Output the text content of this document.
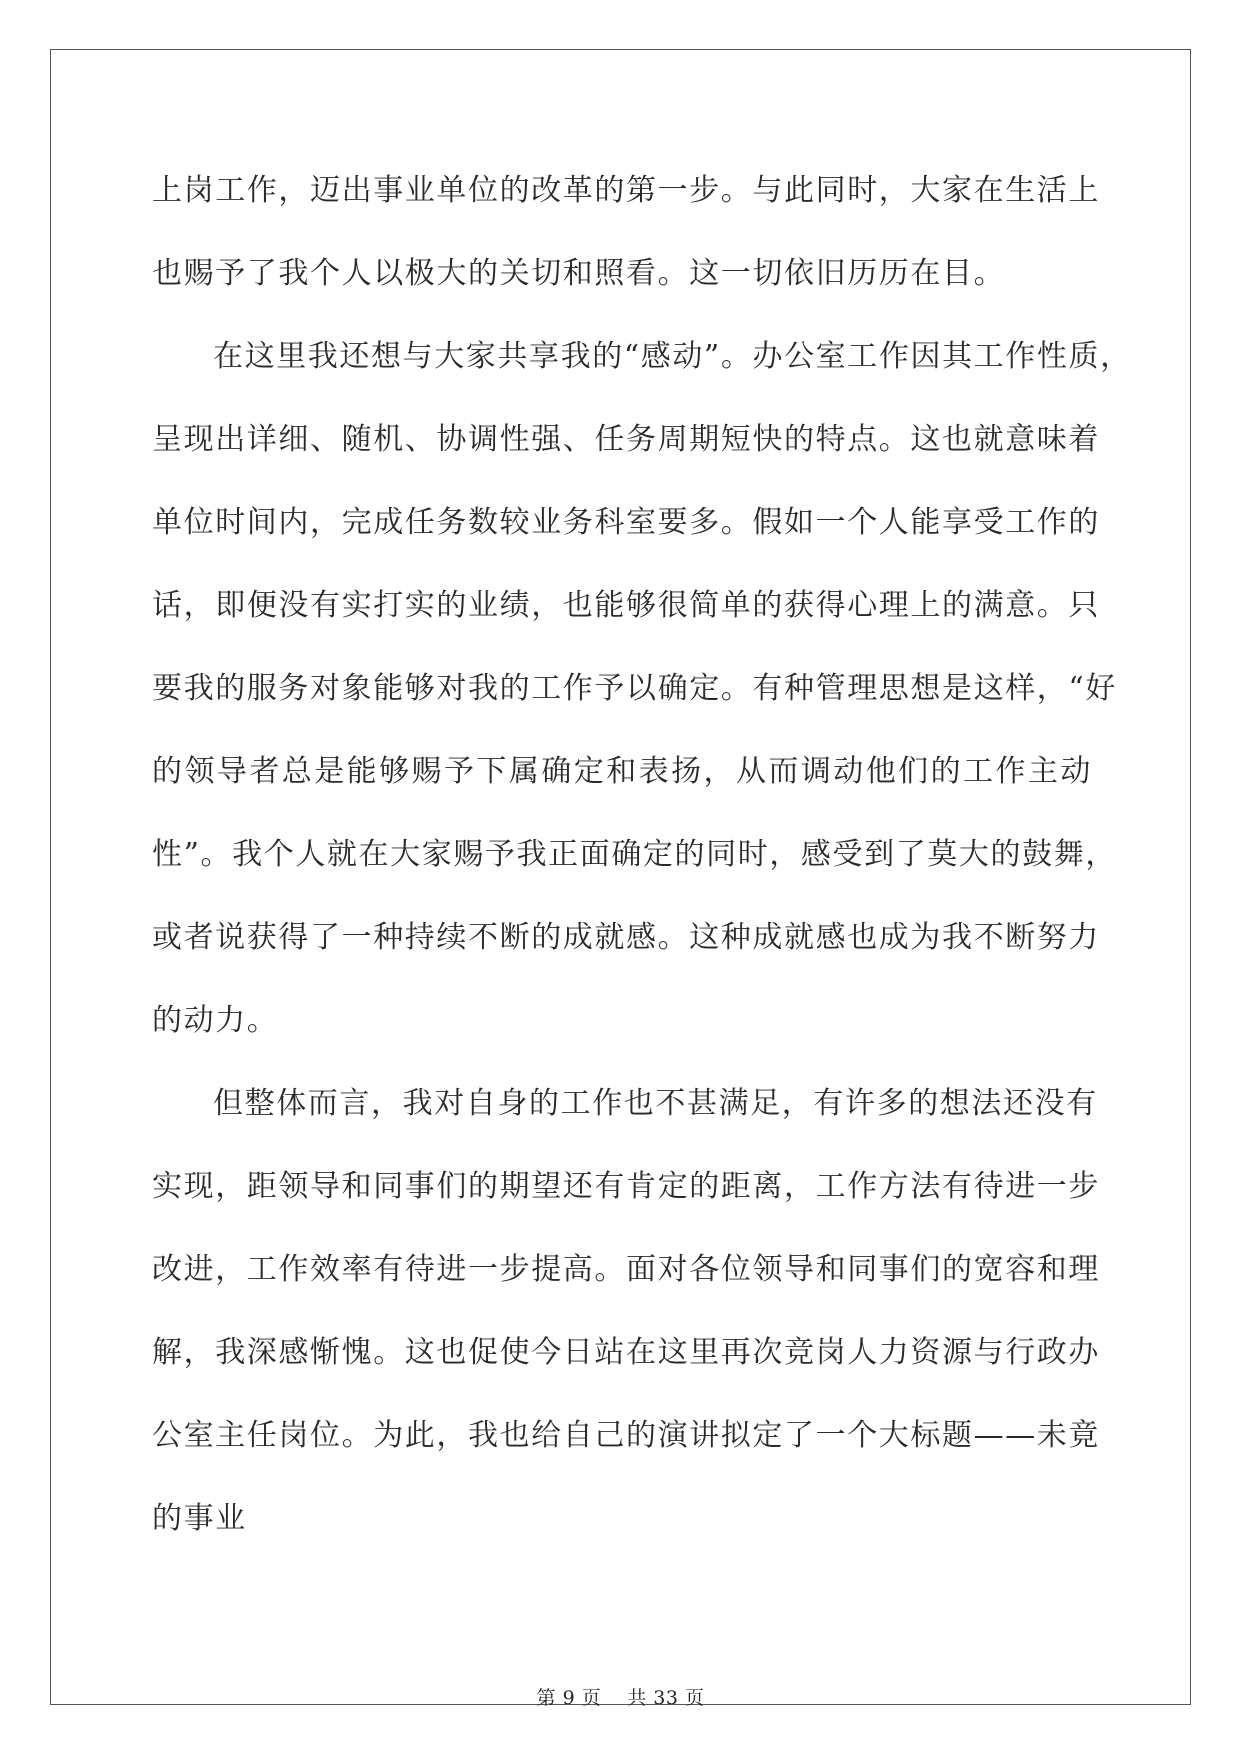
上岗工作，迈出事业单位的改革的第一步。与此同时，大家在生活上
也赐予了我个人以极大的关切和照看。这一切依旧历历在目。
在这里我还想与大家共享我的“感动”。办公室工作因其工作性质，
呈现出详细、随机、协调性强、任务周期短快的特点。这也就意味着
单位时间内，完成任务数较业务科室要多。假如一个人能享受工作的
话，即便没有实打实的业绩，也能够很简单的获得心理上的满意。只
要我的服务对象能够对我的工作予以确定。有种管理思想是这样，“好
的领导者总是能够赐予下属确定和表扬，从而调动他们的工作主动
性”。我个人就在大家赐予我正面确定的同时，感受到了莫大的鼓舞，
或者说获得了一种持续不断的成就感。这种成就感也成为我不断努力
的动力。
但整体而言，我对自身的工作也不甚满足，有许多的想法还没有
实现，距领导和同事们的期望还有肯定的距离，工作方法有待进一步
改进，工作效率有待进一步提高。面对各位领导和同事们的宽容和理
解，我深感惭愧。这也促使今日站在这里再次竞岗人力资源与行政办
公室主任岗位。为此，我也给自己的演讲拟定了一个大标题——未竟
的事业
第 9 页 共 33 页
